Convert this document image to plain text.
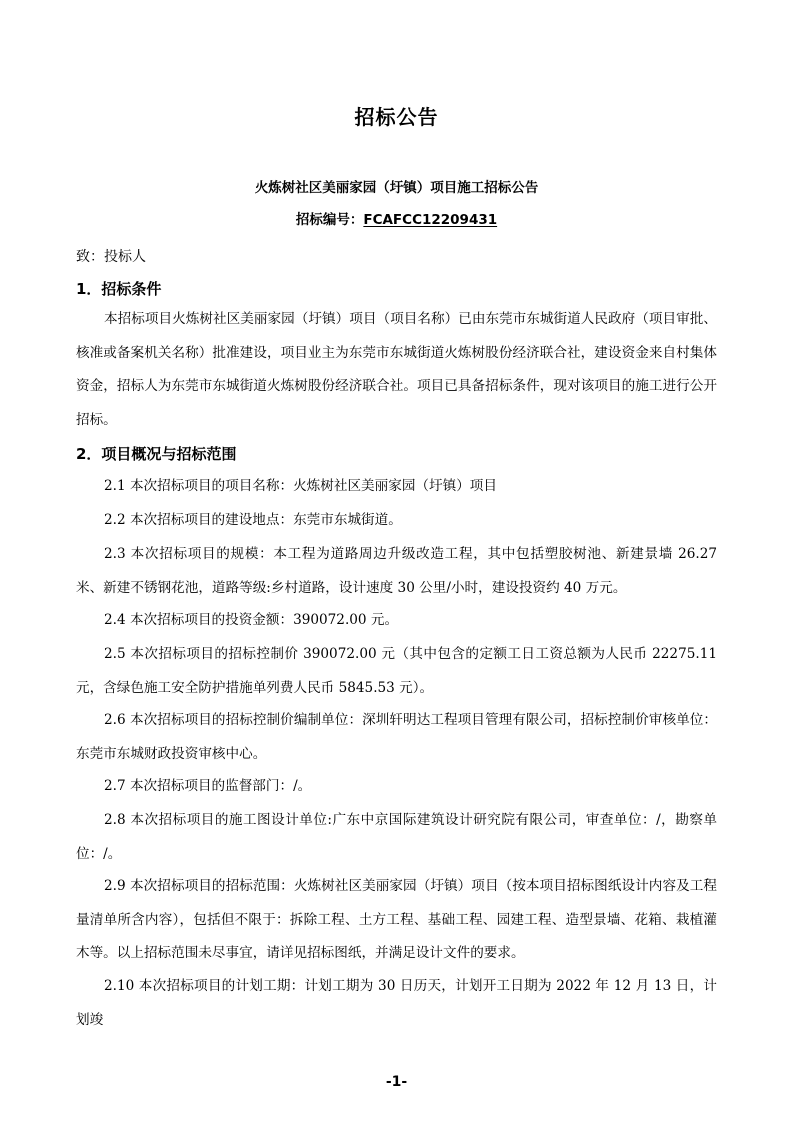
招标公告
火炼树社区美丽家园（圩镇）项目施工招标公告
招标编号：FCAFCC12209431
致：投标人
1．招标条件
本招标项目火炼树社区美丽家园（圩镇）项目（项目名称）已由东莞市东城街道人民政府（项目审批、核准或备案机关名称）批准建设，项目业主为东莞市东城街道火炼树股份经济联合社，建设资金来自村集体资金，招标人为东莞市东城街道火炼树股份经济联合社。项目已具备招标条件，现对该项目的施工进行公开招标。
2．项目概况与招标范围
2.1 本次招标项目的项目名称：火炼树社区美丽家园（圩镇）项目
2.2 本次招标项目的建设地点：东莞市东城街道。
2.3 本次招标项目的规模：本工程为道路周边升级改造工程，其中包括塑胶树池、新建景墙 26.27 米、新建不锈钢花池，道路等级:乡村道路，设计速度 30 公里/小时，建设投资约 40 万元。
2.4 本次招标项目的投资金额：390072.00 元。
2.5 本次招标项目的招标控制价 390072.00 元（其中包含的定额工日工资总额为人民币 22275.11 元，含绿色施工安全防护措施单列费人民币 5845.53 元）。
2.6 本次招标项目的招标控制价编制单位：深圳轩明达工程项目管理有限公司，招标控制价审核单位：东莞市东城财政投资审核中心。
2.7 本次招标项目的监督部门：/。
2.8 本次招标项目的施工图设计单位:广东中京国际建筑设计研究院有限公司，审查单位：/，勘察单位：/。
2.9 本次招标项目的招标范围：火炼树社区美丽家园（圩镇）项目（按本项目招标图纸设计内容及工程量清单所含内容），包括但不限于：拆除工程、土方工程、基础工程、园建工程、造型景墙、花箱、栽植灌木等。以上招标范围未尽事宜，请详见招标图纸，并满足设计文件的要求。
2.10 本次招标项目的计划工期：计划工期为 30 日历天，计划开工日期为 2022 年 12 月 13 日，计划竣
-1-
